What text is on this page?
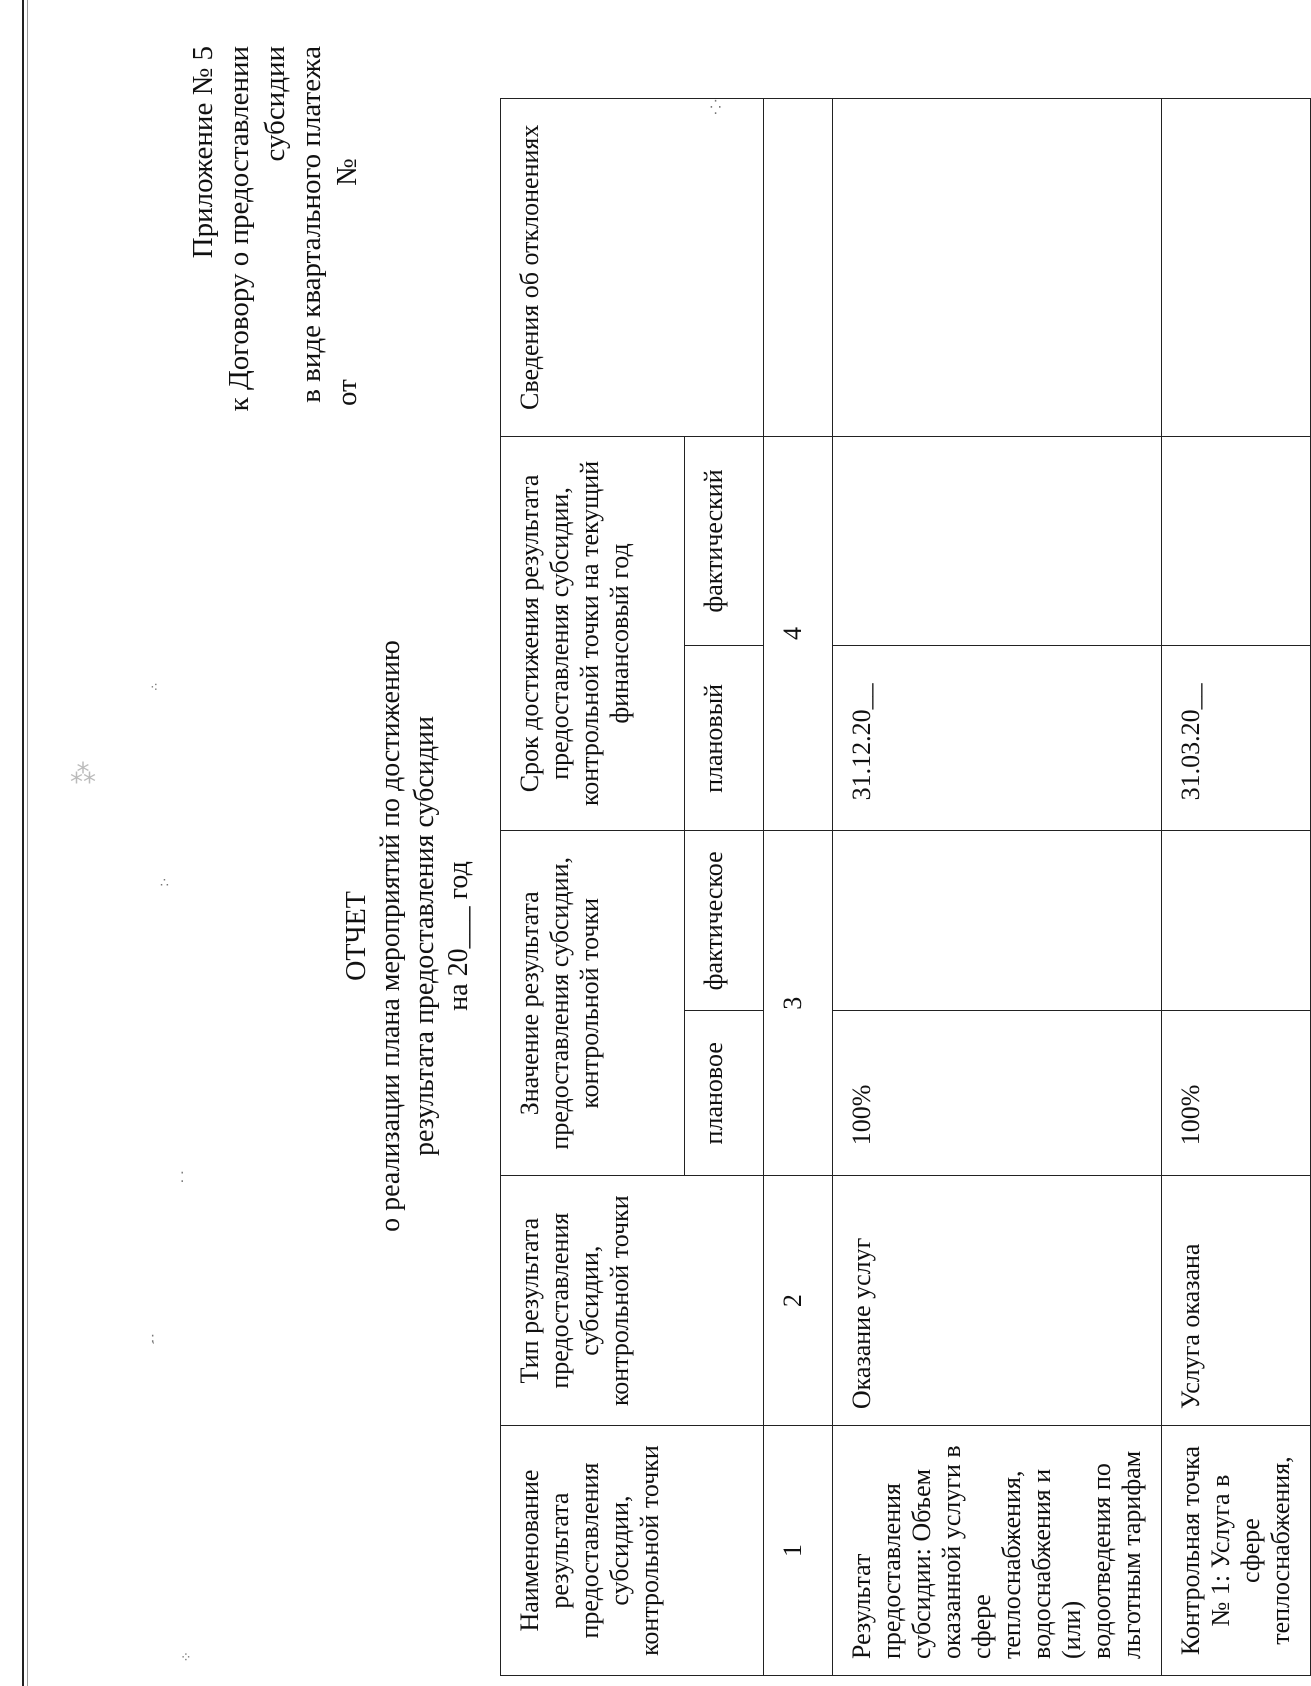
Приложение № 5 к Договору о предоставлении субсидии в виде квартального платежа от
№
ОТЧЕТ о реализации плана мероприятий по достижению результата предоставления субсидии на 20___ год
Наименование результата предоставления субсидии, контрольной точки	Тип результата предоставления субсидии, контрольной точки	Значение результата предоставления субсидии, контрольной точки		Срок достижения результата предоставления субсидии, контрольной точки на текущий финансовый год		Сведения об отклонениях
		плановое	фактическое	плановый	фактический	
1	2	3		4		
Результат предоставления субсидии: Объем оказанной услуги в сфере теплоснабжения, водоснабжения и (или) водоотведения по льготным тарифам	Оказание услуг	100%		31.12.20__		
Контрольная точка № 1: Услуга в сфере теплоснабжения,	Услуга оказана	100%		31.03.20__		
∴
⁂
⁚
⁖
⁏
⁘
⁛
